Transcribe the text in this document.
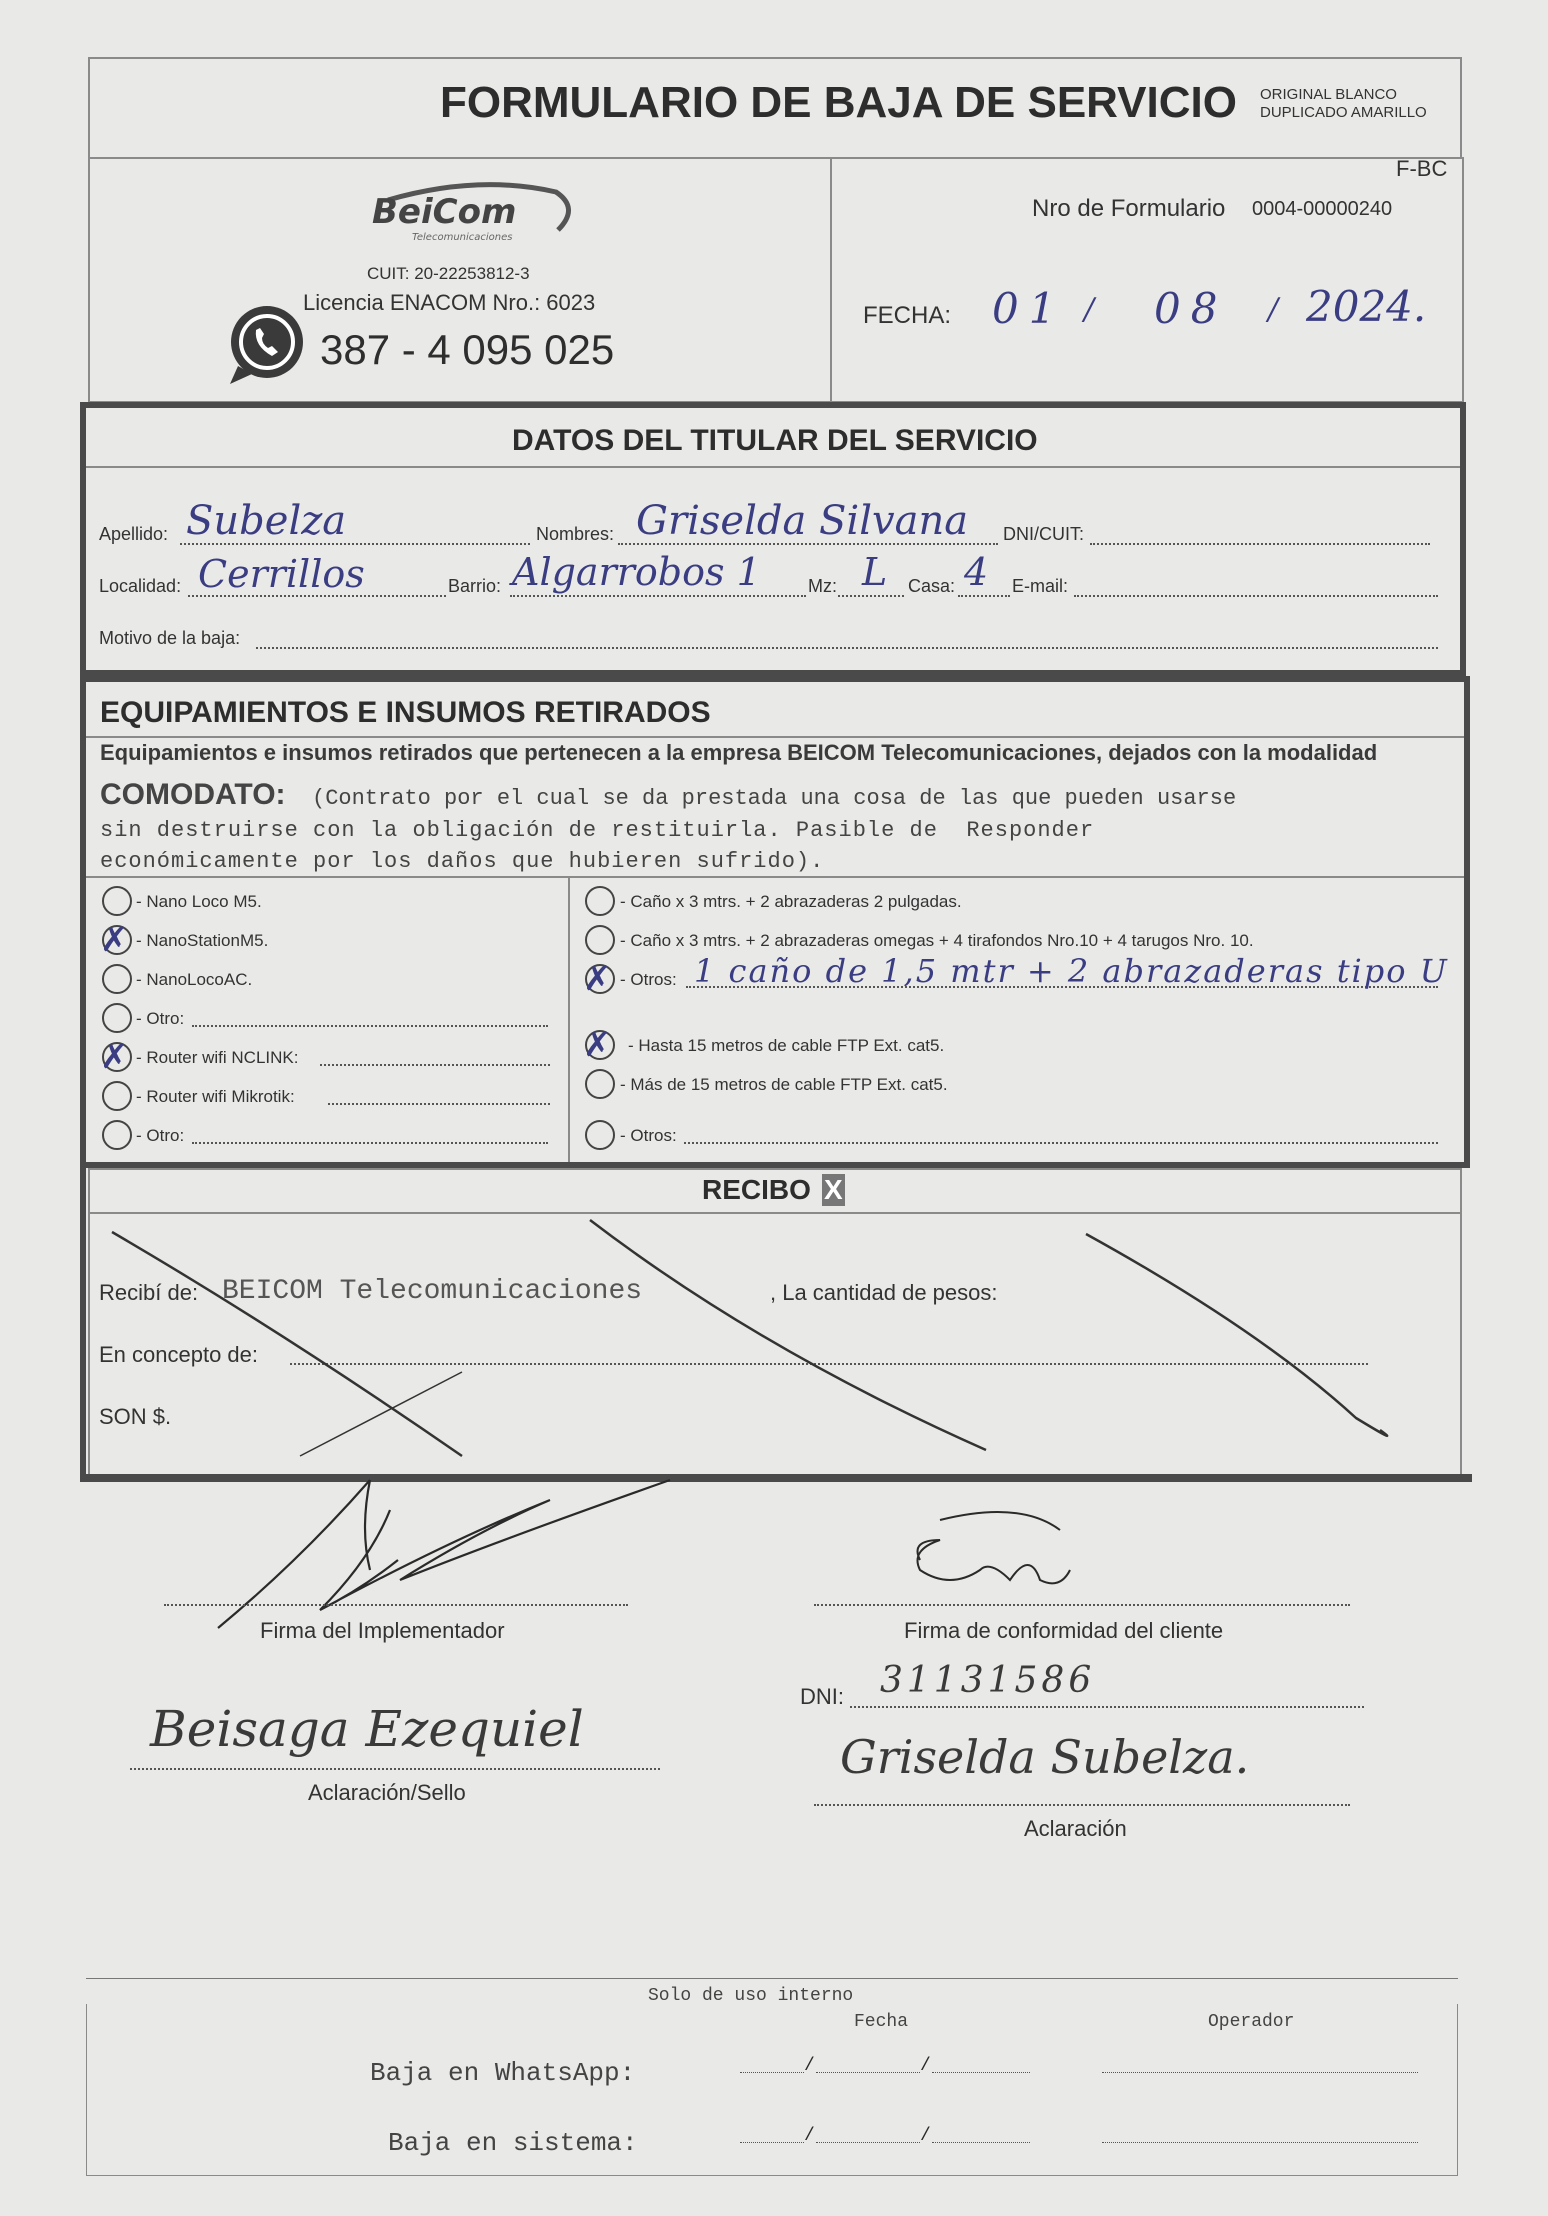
FORMULARIO DE BAJA DE SERVICIO ORIGINAL BLANCO
DUPLICADO AMARILLO
BeiCom
Telecomunicaciones
CUIT: 20-22253812-3
Licencia ENACOM Nro.: 6023
387 - 4 095 025
F-BC
Nro de Formulario 0004-00000240
FECHA: 01 / 08 / 2024.
DATOS DEL TITULAR DEL SERVICIO
Apellido: Subelza	Nombres: Griselda Silvana DNI/CUIT:
Localidad: Cerrillos	Barrio: Algarrobos 1	Mz: L Casa: 4 E-mail:
Motivo de la baja:
EQUIPAMIENTOS E INSUMOS RETIRADOS
Equipamientos e insumos retirados que pertenecen a la empresa BEICOM Telecomunicaciones, dejados con la modalidad
COMODATO: (Contrato por el cual se da prestada una cosa de las que pueden usarse
sin destruirse con la obligación de restituirla. Pasible de  Responder
económicamente por los daños que hubieren sufrido).
- Nano Loco M5.
✗ - NanoStationM5.
- NanoLocoAC.
- Otro:
✗ - Router wifi NCLINK:
- Router wifi Mikrotik:
- Otro:
- Caño x 3 mtrs. + 2 abrazaderas 2 pulgadas.
- Caño x 3 mtrs. + 2 abrazaderas omegas + 4 tirafondos Nro.10 + 4 tarugos Nro. 10.
✗ - Otros: 1 caño de 1,5 mtr + 2 abrazaderas tipo U
✗ - Hasta 15 metros de cable FTP Ext. cat5.
- Más de 15 metros de cable FTP Ext. cat5.
- Otros:
RECIBO X
Recibí de: BEICOM Telecomunicaciones	, La cantidad de pesos:
En concepto de:
SON $.
Firma del Implementador	Firma de conformidad del cliente
DNI: 31131586
Beisaga Ezequiel
Aclaración/Sello
Griselda Subelza.
Aclaración
Solo de uso interno
Fecha	Operador
Baja en WhatsApp:	/	/
Baja en sistema:	/	/
